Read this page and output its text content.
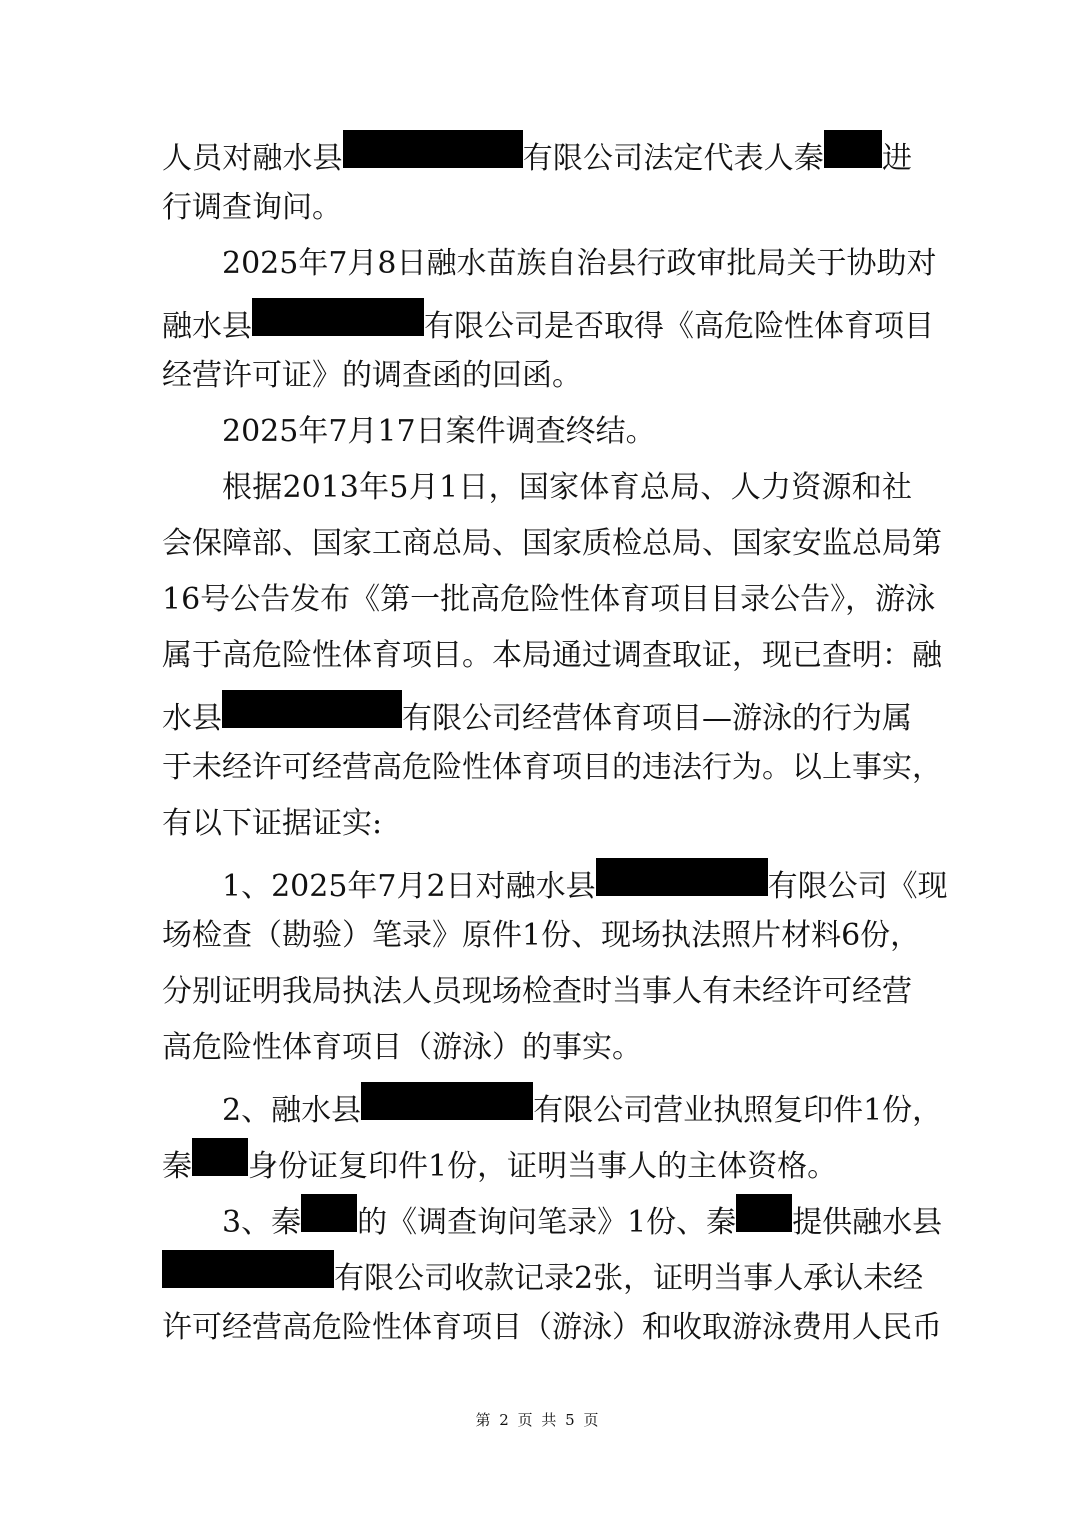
人员对融水县	有限公司法定代表人秦 进
行调查询问。
2025年7月8日融水苗族自治县行政审批局关于协助对
融水县	有限公司是否取得《高危险性体育项目
经营许可证》的调查函的回函。
2025年7月17日案件调查终结。
根据2013年5月1日，国家体育总局、人力资源和社
会保障部、国家工商总局、国家质检总局、国家安监总局第
16号公告发布《第一批高危险性体育项目目录公告》，游泳
属于高危险性体育项目。本局通过调查取证，现已查明：融
水县	有限公司经营体育项目—游泳的行为属
于未经许可经营高危险性体育项目的违法行为。以上事实，
有以下证据证实:
1、2025年7月2日对融水县	有限公司《现
场检查（勘验）笔录》原件1份、现场执法照片材料6份，
分别证明我局执法人员现场检查时当事人有未经许可经营
高危险性体育项目（游泳）的事实。
2、融水县	有限公司营业执照复印件1份，
秦 身份证复印件1份，证明当事人的主体资格。
3、秦 的《调查询问笔录》1份、秦 提供融水县
有限公司收款记录2张，证明当事人承认未经
许可经营高危险性体育项目（游泳）和收取游泳费用人民币
第 2 页 共 5 页
